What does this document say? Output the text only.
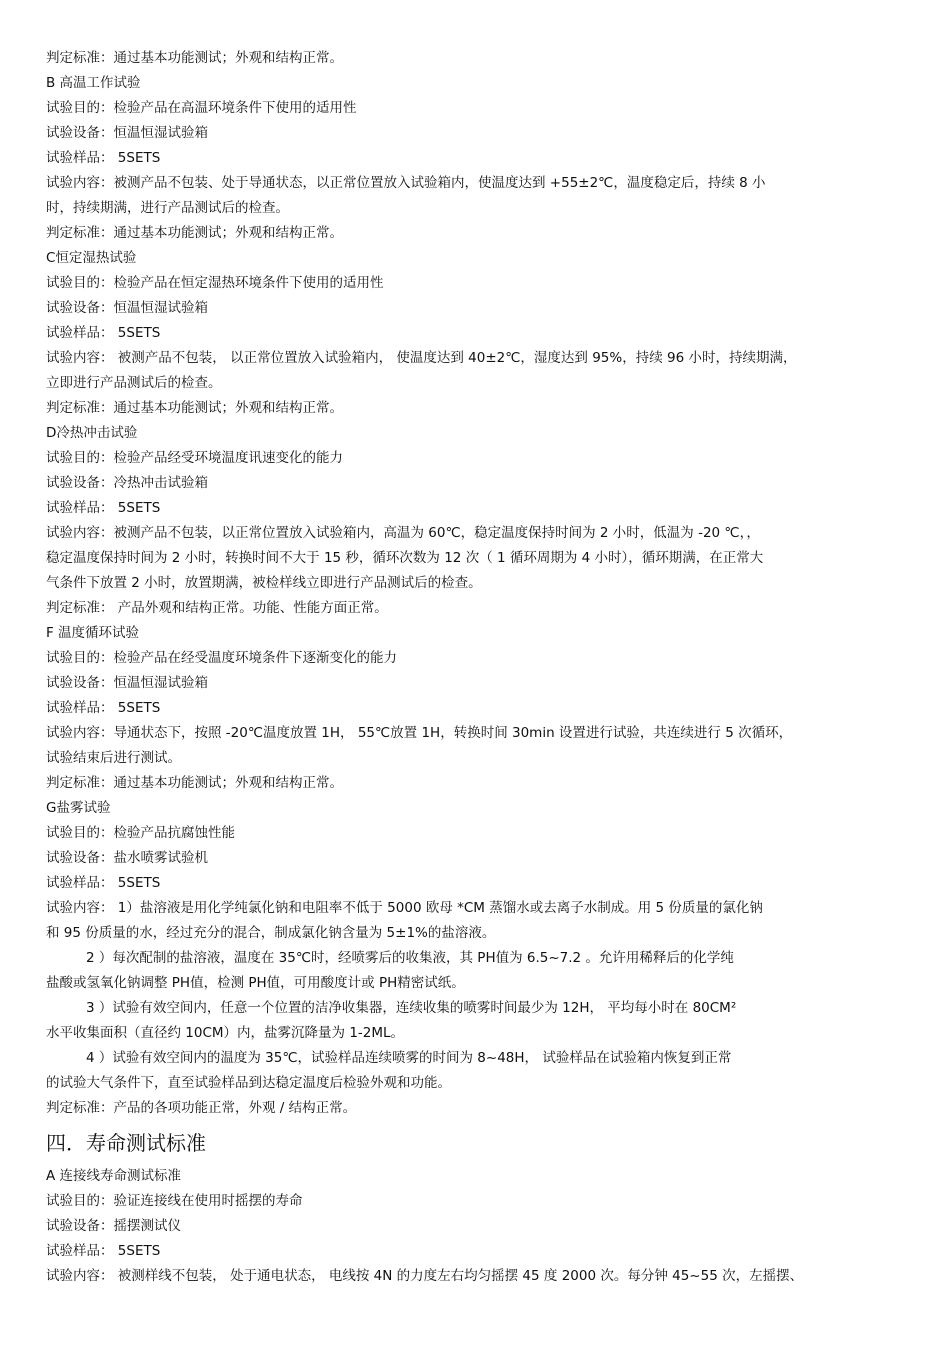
判定标准：通过基本功能测试；外观和结构正常。
B 高温工作试验
试验目的：检验产品在高温环境条件下使用的适用性
试验设备：恒温恒湿试验箱
试验样品： 5SETS
试验内容：被测产品不包装、处于导通状态，以正常位置放入试验箱内，使温度达到 +55±2℃，温度稳定后，持续 8 小
时，持续期满，进行产品测试后的检查。
判定标准：通过基本功能测试；外观和结构正常。
C恒定湿热试验
试验目的：检验产品在恒定湿热环境条件下使用的适用性
试验设备：恒温恒湿试验箱
试验样品： 5SETS
试验内容： 被测产品不包装， 以正常位置放入试验箱内， 使温度达到 40±2℃，湿度达到 95%，持续 96 小时，持续期满，
立即进行产品测试后的检查。
判定标准：通过基本功能测试；外观和结构正常。
D冷热冲击试验
试验目的：检验产品经受环境温度讯速变化的能力
试验设备：冷热冲击试验箱
试验样品： 5SETS
试验内容：被测产品不包装，以正常位置放入试验箱内，高温为 60℃，稳定温度保持时间为 2 小时，低温为 -20 ℃，，
稳定温度保持时间为 2 小时，转换时间不大于 15 秒，循环次数为 12 次（ 1 循环周期为 4 小时），循环期满，在正常大
气条件下放置 2 小时，放置期满，被检样线立即进行产品测试后的检查。
判定标准： 产品外观和结构正常。功能、性能方面正常。
F 温度循环试验
试验目的：检验产品在经受温度环境条件下逐渐变化的能力
试验设备：恒温恒湿试验箱
试验样品： 5SETS
试验内容：导通状态下，按照 -20℃温度放置 1H， 55℃放置 1H，转换时间 30min 设置进行试验，共连续进行 5 次循环，
试验结束后进行测试。
判定标准：通过基本功能测试；外观和结构正常。
G盐雾试验
试验目的：检验产品抗腐蚀性能
试验设备：盐水喷雾试验机
试验样品： 5SETS
试验内容： 1）盐溶液是用化学纯氯化钠和电阻率不低于 5000 欧母 *CM 蒸馏水或去离子水制成。用 5 份质量的氯化钠
和 95 份质量的水，经过充分的混合，制成氯化钠含量为 5±1%的盐溶液。
2 ）每次配制的盐溶液，温度在 35℃时，经喷雾后的收集液，其 PH值为 6.5~7.2 。允许用稀释后的化学纯
盐酸或氢氧化钠调整 PH值，检测 PH值，可用酸度计或 PH精密试纸。
3 ）试验有效空间内，任意一个位置的洁净收集器，连续收集的喷雾时间最少为 12H， 平均每小时在 80CM²
水平收集面积（直径约 10CM）内，盐雾沉降量为 1-2ML。
4 ）试验有效空间内的温度为 35℃，试验样品连续喷雾的时间为 8~48H， 试验样品在试验箱内恢复到正常
的试验大气条件下，直至试验样品到达稳定温度后检验外观和功能。
判定标准：产品的各项功能正常，外观 / 结构正常。
四．寿命测试标准
A 连接线寿命测试标准
试验目的：验证连接线在使用时摇摆的寿命
试验设备：摇摆测试仪
试验样品： 5SETS
试验内容： 被测样线不包装， 处于通电状态， 电线按 4N 的力度左右均匀摇摆 45 度 2000 次。每分钟 45~55 次，左摇摆、
